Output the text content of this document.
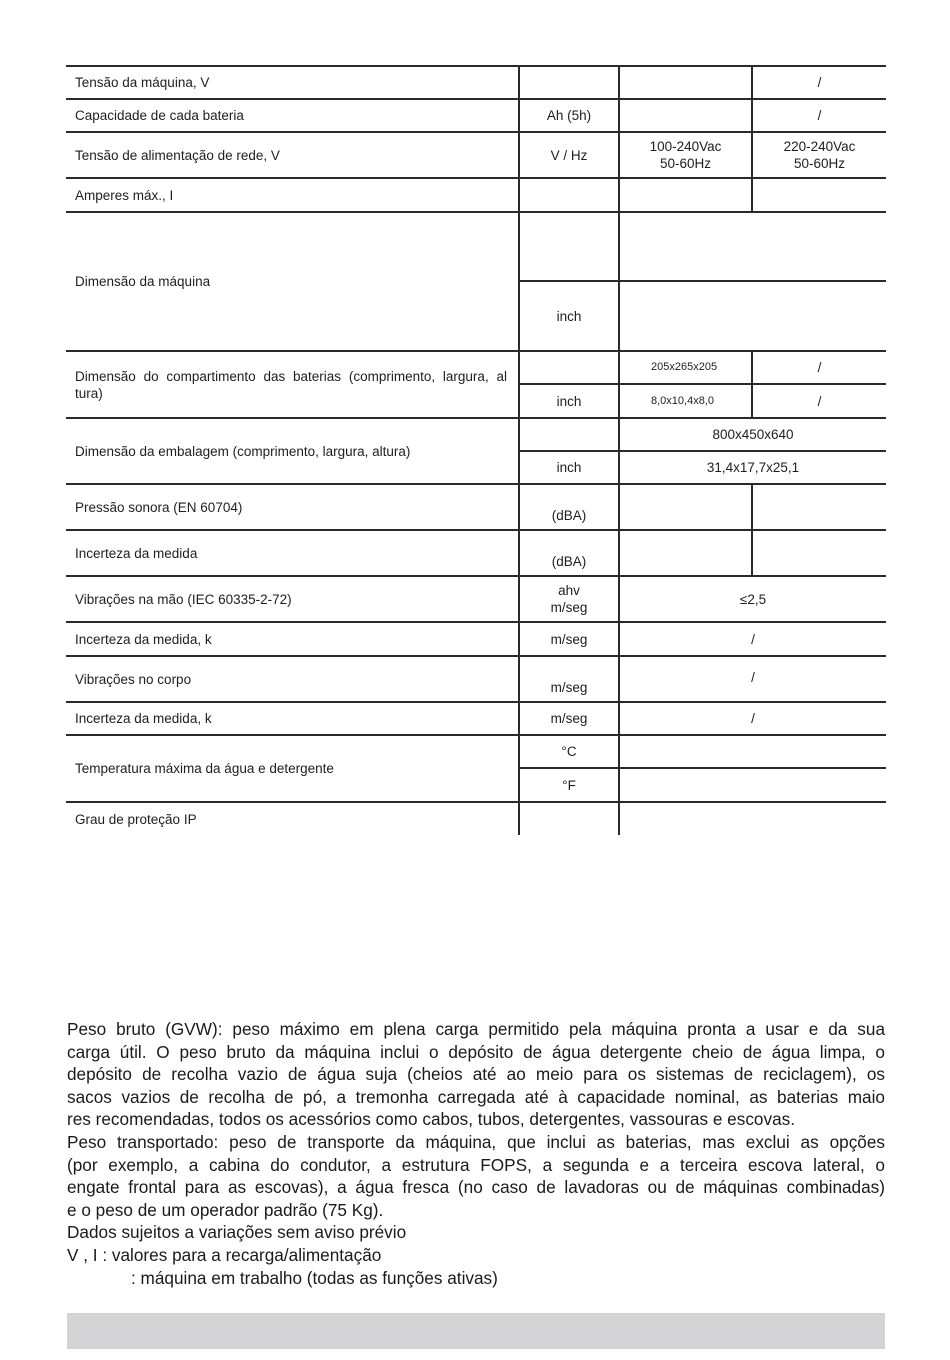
Tensão da máquina, V
Capacidade de cada bateria
Tensão de alimentação de rede, V
Amperes máx., I
Dimensão da máquina
Dimensão do compartimento das baterias (comprimento, largura, al tura)
Dimensão da embalagem (comprimento, largura, altura)
Pressão sonora (EN 60704)
Incerteza da medida
Vibrações na mão (IEC 60335-2-72)
Incerteza da medida, k
Vibrações no corpo
Incerteza da medida, k
Temperatura máxima da água e detergente
Grau de proteção IP
Ah (5h)
V / Hz
inch
inch
inch
(dBA)
(dBA)
ahv
m/seg
m/seg
m/seg
m/seg
°C
°F
100-240Vac
50-60Hz
205x265x205
8,0x10,4x8,0
/
/
220-240Vac
50-60Hz
/
/
800x450x640
31,4x17,7x25,1
≤2,5
/
/
/

Peso bruto (GVW): peso máximo em plena carga permitido pela máquina pronta a usar e da sua

carga útil. O peso bruto da máquina inclui o depósito de água detergente cheio de água limpa, o

depósito de recolha vazio de água suja (cheios até ao meio para os sistemas de reciclagem), os

sacos vazios de recolha de pó, a tremonha carregada até à capacidade nominal, as baterias maio

res recomendadas, todos os acessórios como cabos, tubos, detergentes, vassouras e escovas.

Peso transportado: peso de transporte da máquina, que inclui as baterias, mas exclui as opções

(por exemplo, a cabina do condutor, a estrutura FOPS, a segunda e a terceira escova lateral, o

engate frontal para as escovas), a água fresca (no caso de lavadoras ou de máquinas combinadas)

e o peso de um operador padrão (75 Kg).

Dados sujeitos a variações sem aviso prévio

V , I : valores para a recarga/alimentação

: máquina em trabalho (todas as funções ativas)
